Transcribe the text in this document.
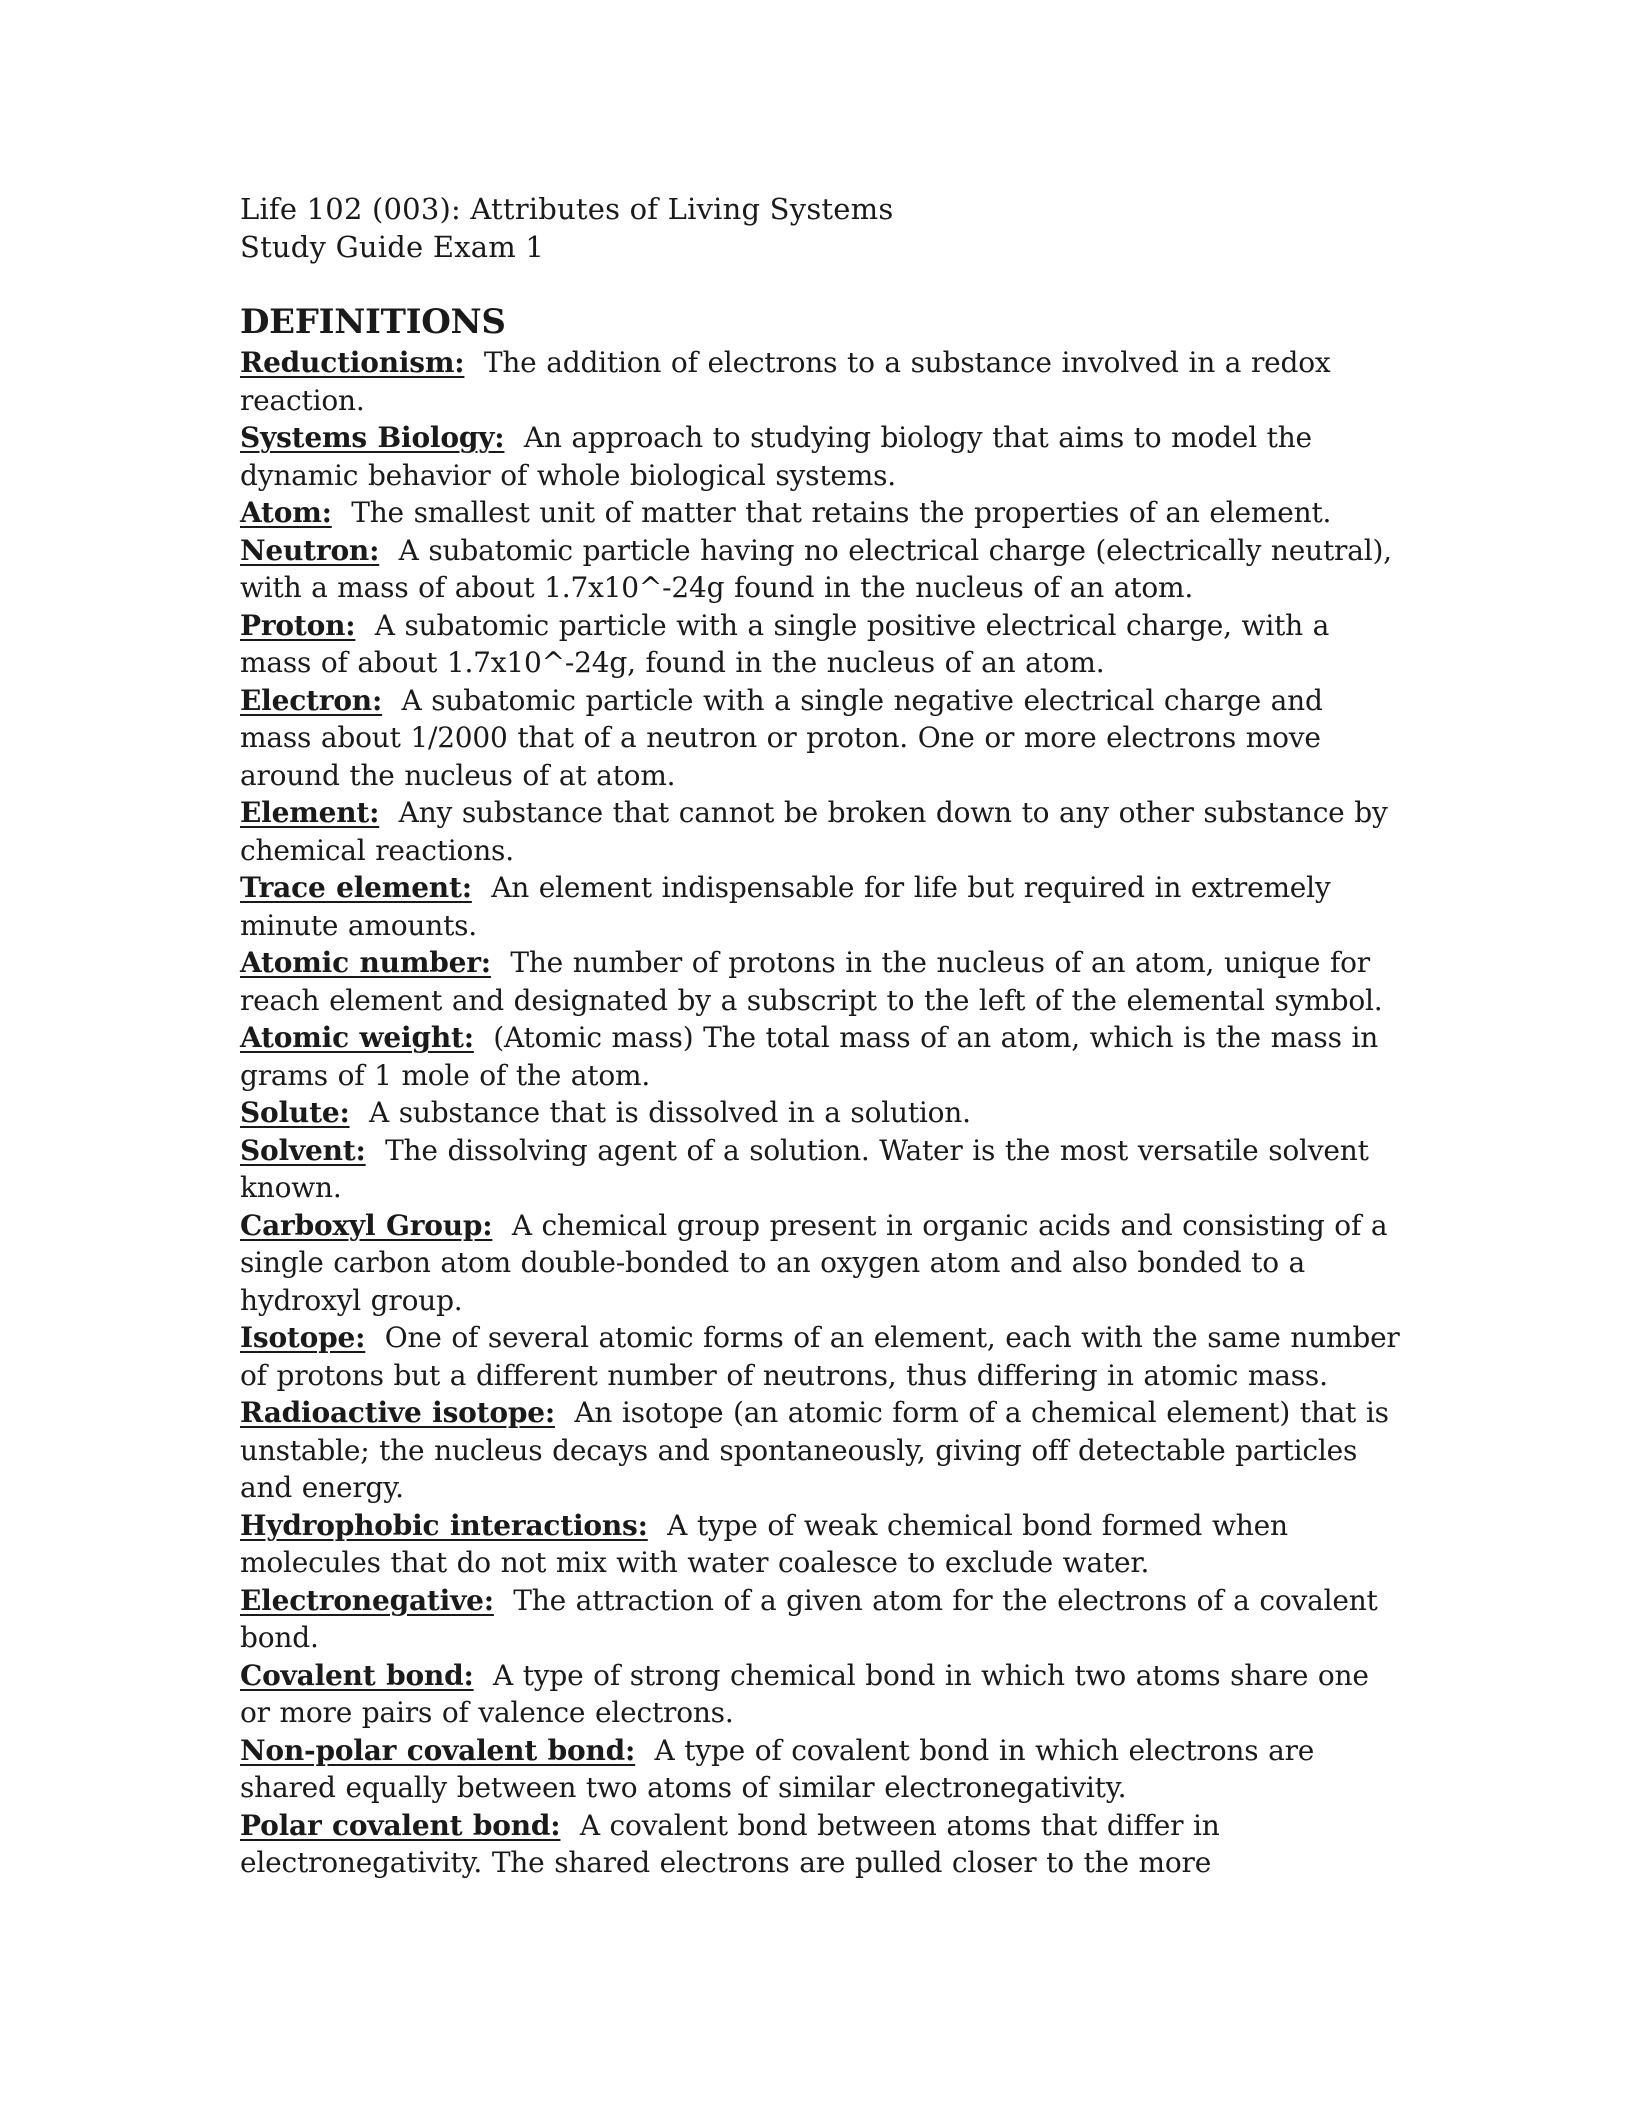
Life 102 (003): Attributes of Living Systems
Study Guide Exam 1
DEFINITIONS
Reductionism: The addition of electrons to a substance involved in a redox reaction.
Systems Biology: An approach to studying biology that aims to model the dynamic behavior of whole biological systems.
Atom: The smallest unit of matter that retains the properties of an element.
Neutron: A subatomic particle having no electrical charge (electrically neutral), with a mass of about 1.7x10^-24g found in the nucleus of an atom.
Proton: A subatomic particle with a single positive electrical charge, with a mass of about 1.7x10^-24g, found in the nucleus of an atom.
Electron: A subatomic particle with a single negative electrical charge and mass about 1/2000 that of a neutron or proton. One or more electrons move around the nucleus of at atom.
Element: Any substance that cannot be broken down to any other substance by chemical reactions.
Trace element: An element indispensable for life but required in extremely minute amounts.
Atomic number: The number of protons in the nucleus of an atom, unique for reach element and designated by a subscript to the left of the elemental symbol.
Atomic weight: (Atomic mass) The total mass of an atom, which is the mass in grams of 1 mole of the atom.
Solute: A substance that is dissolved in a solution.
Solvent: The dissolving agent of a solution. Water is the most versatile solvent known.
Carboxyl Group: A chemical group present in organic acids and consisting of a single carbon atom double-bonded to an oxygen atom and also bonded to a hydroxyl group.
Isotope: One of several atomic forms of an element, each with the same number of protons but a different number of neutrons, thus differing in atomic mass.
Radioactive isotope: An isotope (an atomic form of a chemical element) that is unstable; the nucleus decays and spontaneously, giving off detectable particles and energy.
Hydrophobic interactions: A type of weak chemical bond formed when molecules that do not mix with water coalesce to exclude water.
Electronegative: The attraction of a given atom for the electrons of a covalent bond.
Covalent bond: A type of strong chemical bond in which two atoms share one or more pairs of valence electrons.
Non-polar covalent bond: A type of covalent bond in which electrons are shared equally between two atoms of similar electronegativity.
Polar covalent bond: A covalent bond between atoms that differ in electronegativity. The shared electrons are pulled closer to the more
